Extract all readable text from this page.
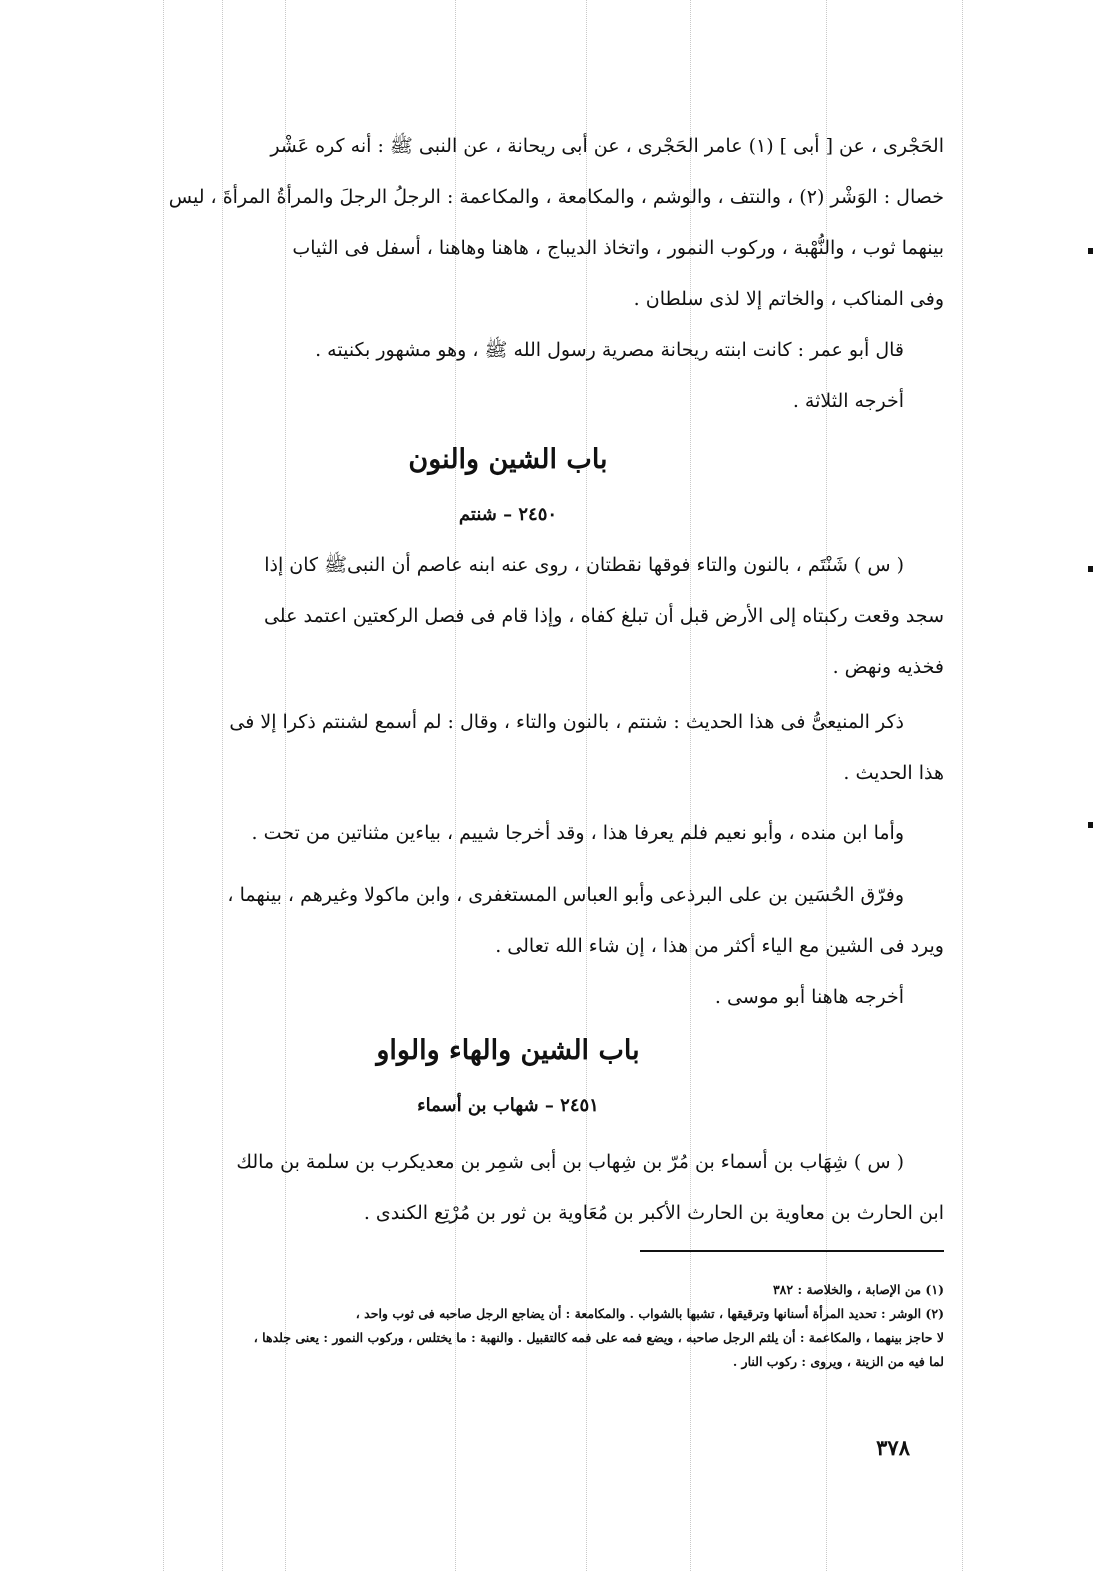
الحَجْرى ، عن [ أبى ] (١) عامر الحَجْرى ، عن أبى ريحانة ، عن النبى ﷺ : أنه كره عَشْر
خصال : الوَشْر (٢) ، والنتف ، والوشم ، والمكامعة ، والمكاعمة : الرجلُ الرجلَ والمرأةُ المرأةَ ، ليس
بينهما ثوب ، والنُّهْبة ، وركوب النمور ، واتخاذ الديباج ، هاهنا وهاهنا ، أسفل فى الثياب
وفى المناكب ، والخاتم إلا لذى سلطان .
قال أبو عمر : كانت ابنته ريحانة مصرية رسول الله ﷺ ، وهو مشهور بكنيته .
أخرجه الثلاثة .
باب الشين والنون
٢٤٥٠ – شنتم
( س ) شَنْتَم ، بالنون والتاء فوقها نقطتان ، روى عنه ابنه عاصم أن النبىﷺ كان إذا
سجد وقعت ركبتاه إلى الأرض قبل أن تبلغ كفاه ، وإذا قام فى فصل الركعتين اعتمد على
فخذيه ونهض .
ذكر المنيعىُّ فى هذا الحديث : شنتم ، بالنون والتاء ، وقال : لم أسمع لشنتم ذكرا إلا فى
هذا الحديث .
وأما ابن منده ، وأبو نعيم فلم يعرفا هذا ، وقد أخرجا شييم ، بياءين مثناتين من تحت .
وفرّق الحُسَين بن على البرذعى وأبو العباس المستغفرى ، وابن ماكولا وغيرهم ، بينهما ،
ويرد فى الشين مع الياء أكثر من هذا ، إن شاء الله تعالى .
أخرجه هاهنا أبو موسى .
باب الشين والهاء والواو
٢٤٥١ – شهاب بن أسماء
( س ) شِهَاب بن أسماء بن مُرّ بن شِهاب بن أبى شمِر بن معديكرب بن سلمة بن مالك
ابن الحارث بن معاوية بن الحارث الأكبر بن مُعَاوية بن ثور بن مُرْتِع الكندى .
(١) من الإصابة ، والخلاصة : ٣٨٢
(٢) الوشر : تحديد المرأة أسنانها وترقيقها ، تشبها بالشواب . والمكامعة : أن يضاجع الرجل صاحبه فى ثوب واحد ،
لا حاجز بينهما ، والمكاعمة : أن يلثم الرجل صاحبه ، ويضع فمه على فمه كالتقبيل . والنهبة : ما يختلس ، وركوب النمور : يعنى جلدها ،
لما فيه من الزينة ، ويروى : ركوب النار .
٣٧٨
